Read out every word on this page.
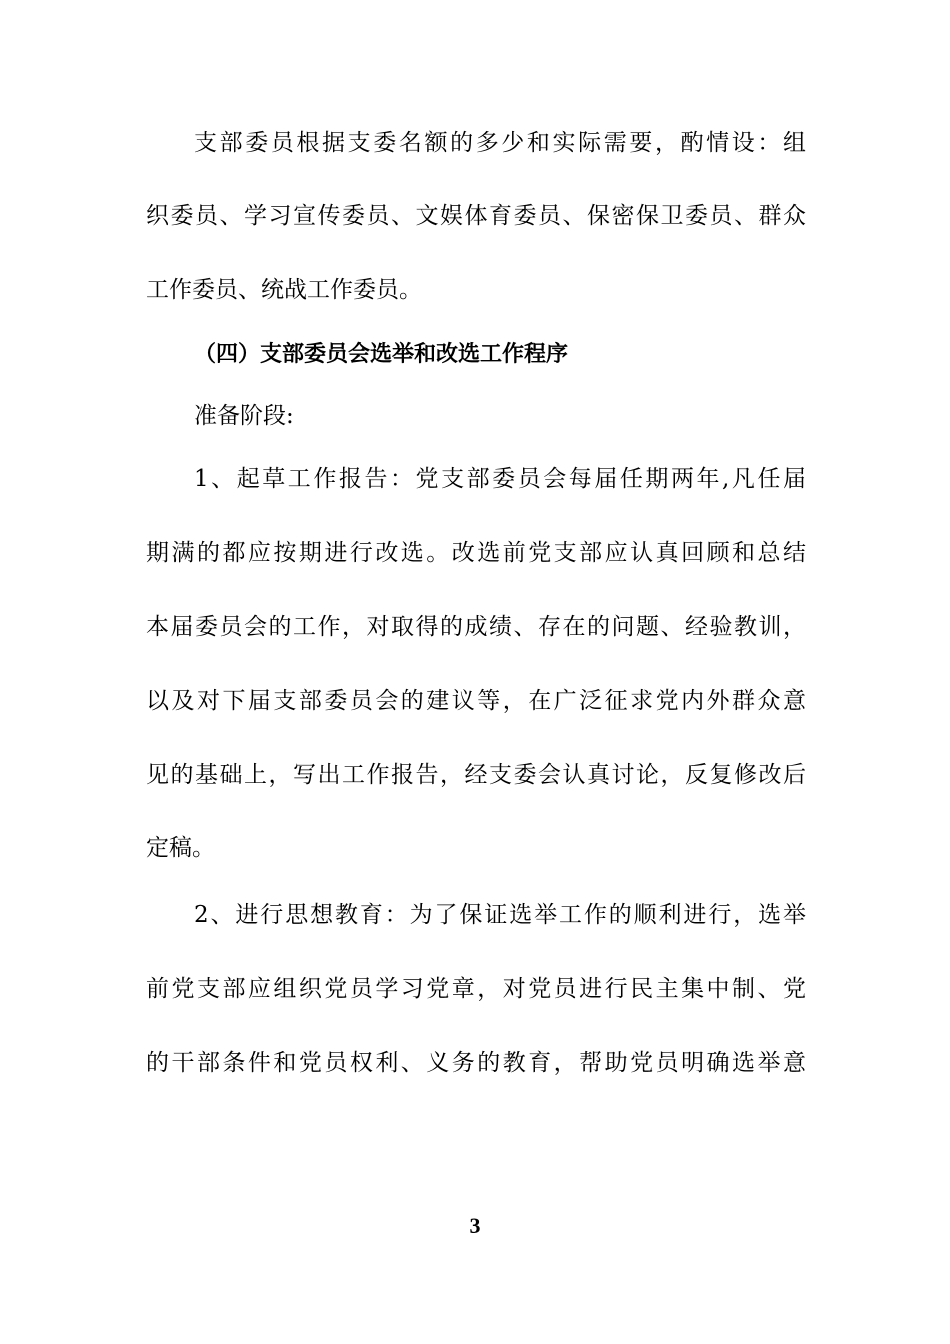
支部委员根据支委名额的多少和实际需要，酌情设：组
织委员、学习宣传委员、文娱体育委员、保密保卫委员、群众
工作委员、统战工作委员。
（四）支部委员会选举和改选工作程序
准备阶段:
1、起草工作报告：党支部委员会每届任期两年,凡任届
期满的都应按期进行改选。改选前党支部应认真回顾和总结
本届委员会的工作，对取得的成绩、存在的问题、经验教训，
以及对下届支部委员会的建议等，在广泛征求党内外群众意
见的基础上，写出工作报告，经支委会认真讨论，反复修改后
定稿。
2、进行思想教育：为了保证选举工作的顺利进行，选举
前党支部应组织党员学习党章，对党员进行民主集中制、党
的干部条件和党员权利、义务的教育，帮助党员明确选举意
3
